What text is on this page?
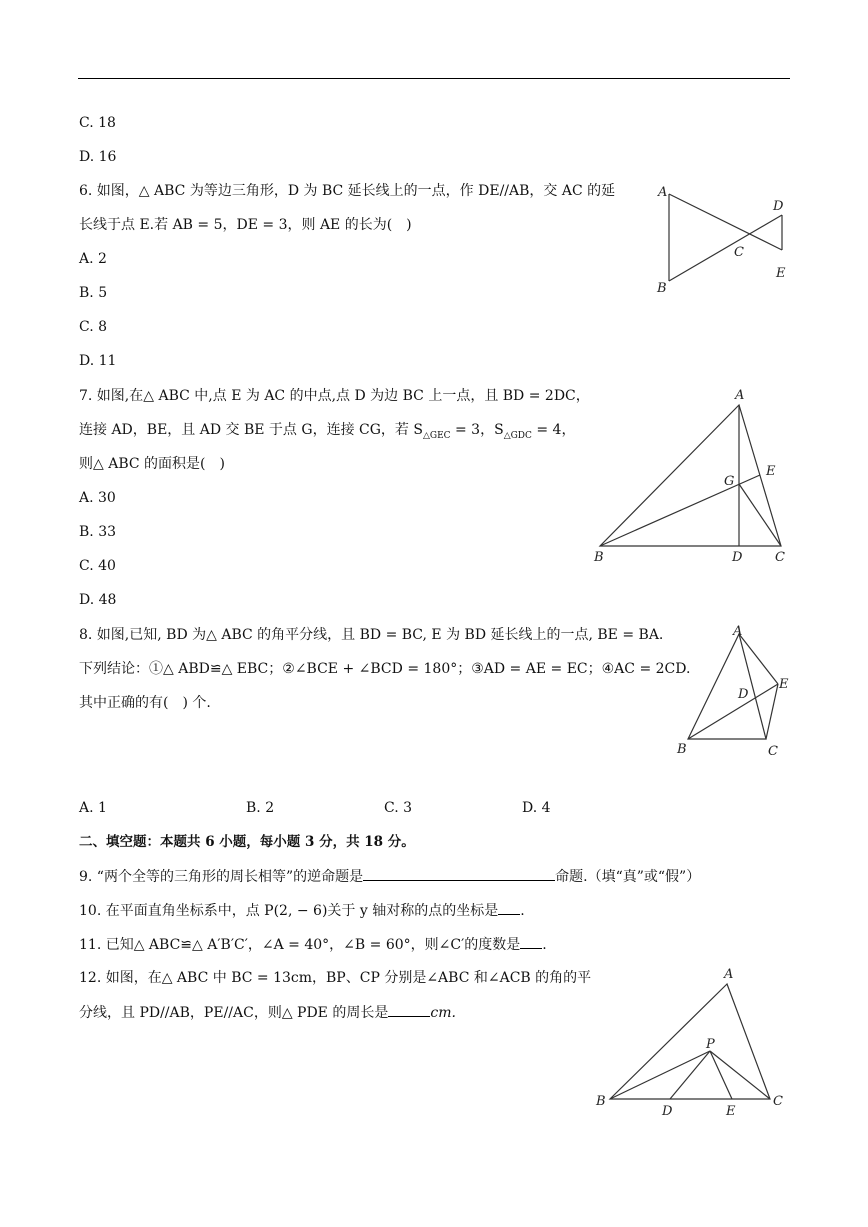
C. 18
D. 16
6. 如图，△ ABC 为等边三角形，D 为 BC 延长线上的一点，作 DE//AB，交 AC 的延
长线于点 E.若 AB = 5，DE = 3，则 AE 的长为(　)
A. 2
B. 5
C. 8
D. 11
A
B
C
D
E
7. 如图,在△ ABC 中,点 E 为 AC 的中点,点 D 为边 BC 上一点，且 BD = 2DC，
连接 AD，BE，且 AD 交 BE 于点 G，连接 CG，若 $S_{\triangle GEC} = 3$，$S_{\triangle GDC} = 4$，
则△ ABC 的面积是(　)
A. 30
B. 33
C. 40
D. 48
A
B	C
D
E
G
8. 如图,已知, BD 为△ ABC 的角平分线，且 BD = BC, E 为 BD 延长线上的一点, BE = BA.
下列结论：①△ ABD≌△ EBC；②∠BCE + ∠BCD = 180°；③AD = AE = EC；④AC = 2CD.
其中正确的有(　) 个.
A
B	C
D
E
A. 1	B. 2	C. 3	D. 4
二、填空题：本题共 6 小题，每小题 3 分，共 18 分。
9. “两个全等的三角形的周长相等”的逆命题是	命题.（填“真”或“假”）
10. 在平面直角坐标系中，点 P(2, − 6)关于 y 轴对称的点的坐标是 .
11. 已知△ ABC≌△ A′B′C′，∠A = 40°，∠B = 60°，则∠C′的度数是 .
12. 如图，在△ ABC 中 BC = 13cm，BP、CP 分别是∠ABC 和∠ACB 的角的平
分线，且 PD//AB，PE//AC，则△ PDE 的周长是	cm.
A
B	C
D	E
P
